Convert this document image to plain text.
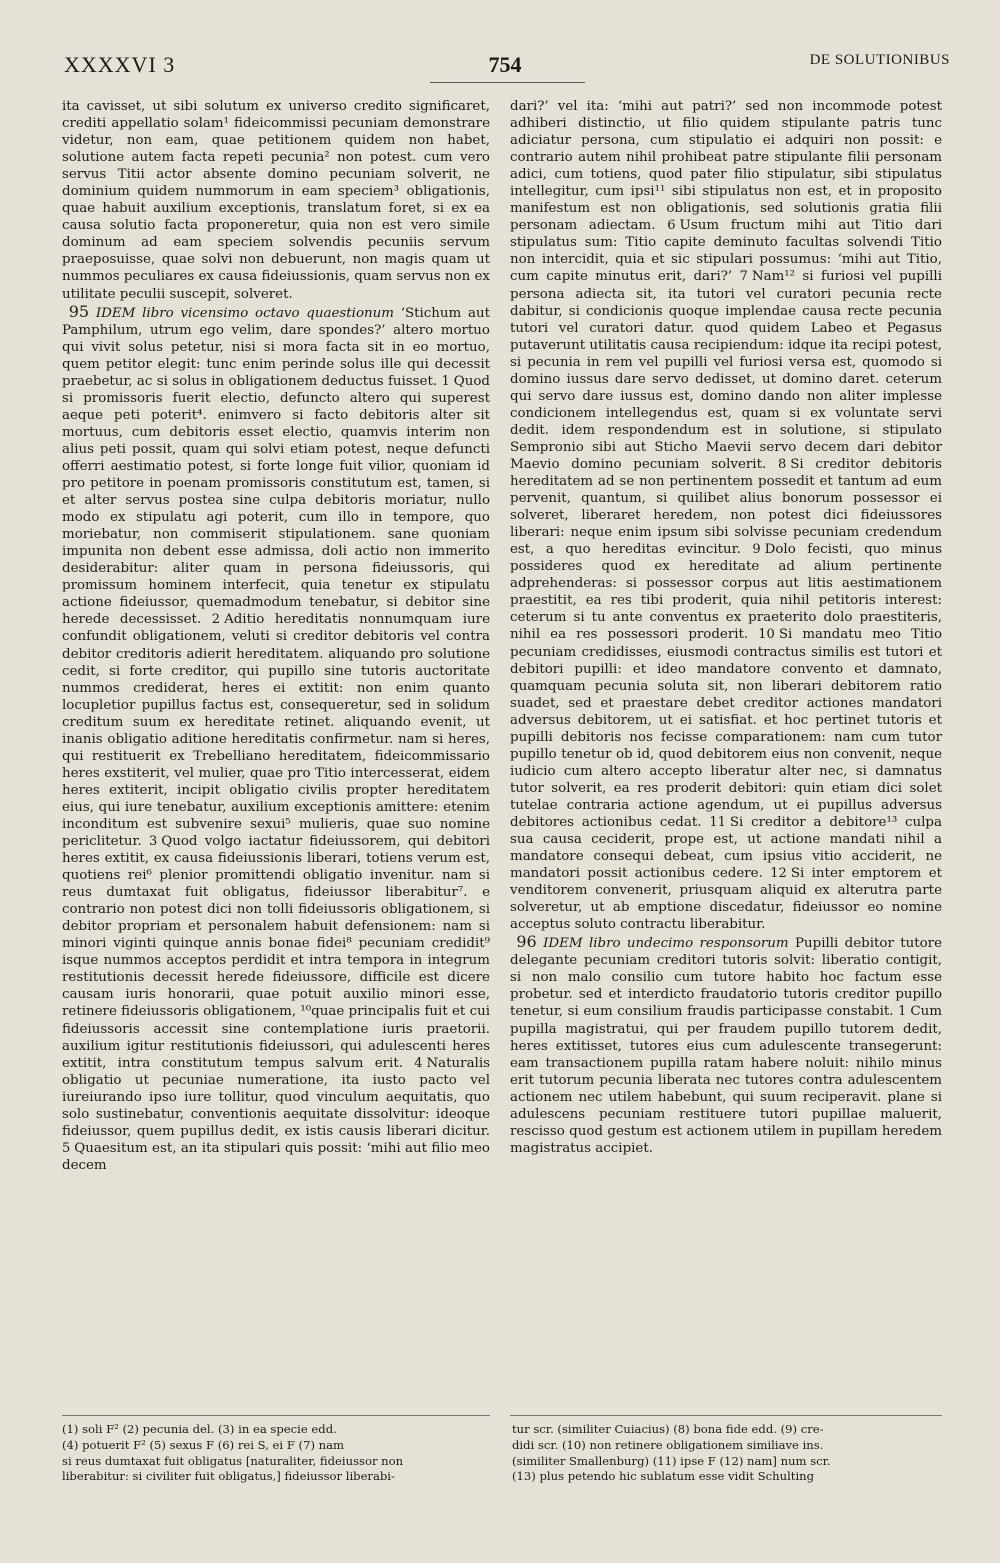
XXXXVI 3	754	DE SOLUTIONIBUS

ita cavisset, ut sibi solutum ex universo credito significaret, crediti appellatio solam¹ fideicommissi pecuniam demonstrare videtur, non eam, quae petitionem quidem non habet, solutione autem facta repeti pecunia² non potest. cum vero servus Titii actor absente domino pecuniam solverit, ne dominium quidem nummorum in eam speciem³ obligationis, quae habuit auxilium exceptionis, translatum foret, si ex ea causa solutio facta proponeretur, quia non est vero simile dominum ad eam speciem solvendis pecuniis servum praeposuisse, quae solvi non debuerunt, non magis quam ut nummos peculiares ex causa fideiussionis, quam servus non ex utilitate peculii suscepit, solveret.

95 IDEM libro vicensimo octavo quaestionum ‘Stichum aut Pamphilum, utrum ego velim, dare spondes?’ altero mortuo qui vivit solus petetur, nisi si mora facta sit in eo mortuo, quem petitor elegit: tunc enim perinde solus ille qui decessit praebetur, ac si solus in obligationem deductus fuisset. 1 Quod si promissoris fuerit electio, defuncto altero qui superest aeque peti poterit⁴. enimvero si facto debitoris alter sit mortuus, cum debitoris esset electio, quamvis interim non alius peti possit, quam qui solvi etiam potest, neque defuncti offerri aestimatio potest, si forte longe fuit vilior, quoniam id pro petitore in poenam promissoris constitutum est, tamen, si et alter servus postea sine culpa debitoris moriatur, nullo modo ex stipulatu agi poterit, cum illo in tempore, quo moriebatur, non commiserit stipulationem. sane quoniam impunita non debent esse admissa, doli actio non immerito desiderabitur: aliter quam in persona fideiussoris, qui promissum hominem interfecit, quia tenetur ex stipulatu actione fideiussor, quemadmodum tenebatur, si debitor sine herede decessisset. 2 Aditio hereditatis nonnumquam iure confundit obligationem, veluti si creditor debitoris vel contra debitor creditoris adierit hereditatem. aliquando pro solutione cedit, si forte creditor, qui pupillo sine tutoris auctoritate nummos crediderat, heres ei extitit: non enim quanto locupletior pupillus factus est, consequeretur, sed in solidum creditum suum ex hereditate retinet. aliquando evenit, ut inanis obligatio aditione hereditatis confirmetur. nam si heres, qui restituerit ex Trebelliano hereditatem, fideicommissario heres exstiterit, vel mulier, quae pro Titio intercesserat, eidem heres extiterit, incipit obligatio civilis propter hereditatem eius, qui iure tenebatur, auxilium exceptionis amittere: etenim inconditum est subvenire sexui⁵ mulieris, quae suo nomine periclitetur. 3 Quod volgo iactatur fideiussorem, qui debitori heres extitit, ex causa fideiussionis liberari, totiens verum est, quotiens rei⁶ plenior promittendi obligatio invenitur. nam si reus dumtaxat fuit obligatus, fideiussor liberabitur⁷. e contrario non potest dici non tolli fideiussoris obligationem, si debitor propriam et personalem habuit defensionem: nam si minori viginti quinque annis bonae fidei⁸ pecuniam credidit⁹ isque nummos acceptos perdidit et intra tempora in integrum restitutionis decessit herede fideiussore, difficile est dicere causam iuris honorarii, quae potuit auxilio minori esse, retinere fideiussoris obligationem, ¹⁰quae principalis fuit et cui fideiussoris accessit sine contemplatione iuris praetorii. auxilium igitur restitutionis fideiussori, qui adulescenti heres extitit, intra constitutum tempus salvum erit. 4 Naturalis obligatio ut pecuniae numeratione, ita iusto pacto vel iureiurando ipso iure tollitur, quod vinculum aequitatis, quo solo sustinebatur, conventionis aequitate dissolvitur: ideoque fideiussor, quem pupillus dedit, ex istis causis liberari dicitur. 5 Quaesitum est, an ita stipulari quis possit: ‘mihi aut filio meo decem

dari?’ vel ita: ‘mihi aut patri?’ sed non incommode potest adhiberi distinctio, ut filio quidem stipulante patris tunc adiciatur persona, cum stipulatio ei adquiri non possit: e contrario autem nihil prohibeat patre stipulante filii personam adici, cum totiens, quod pater filio stipulatur, sibi stipulatus intellegitur, cum ipsi¹¹ sibi stipulatus non est, et in proposito manifestum est non obligationis, sed solutionis gratia filii personam adiectam. 6 Usum fructum mihi aut Titio dari stipulatus sum: Titio capite deminuto facultas solvendi Titio non intercidit, quia et sic stipulari possumus: ‘mihi aut Titio, cum capite minutus erit, dari?’ 7 Nam¹² si furiosi vel pupilli persona adiecta sit, ita tutori vel curatori pecunia recte dabitur, si condicionis quoque implendae causa recte pecunia tutori vel curatori datur. quod quidem Labeo et Pegasus putaverunt utilitatis causa recipiendum: idque ita recipi potest, si pecunia in rem vel pupilli vel furiosi versa est, quomodo si domino iussus dare servo dedisset, ut domino daret. ceterum qui servo dare iussus est, domino dando non aliter implesse condicionem intellegendus est, quam si ex voluntate servi dedit. idem respondendum est in solutione, si stipulato Sempronio sibi aut Sticho Maevii servo decem dari debitor Maevio domino pecuniam solverit. 8 Si creditor debitoris hereditatem ad se non pertinentem possedit et tantum ad eum pervenit, quantum, si quilibet alius bonorum possessor ei solveret, liberaret heredem, non potest dici fideiussores liberari: neque enim ipsum sibi solvisse pecuniam credendum est, a quo hereditas evincitur. 9 Dolo fecisti, quo minus possideres quod ex hereditate ad alium pertinente adprehenderas: si possessor corpus aut litis aestimationem praestitit, ea res tibi proderit, quia nihil petitoris interest: ceterum si tu ante conventus ex praeterito dolo praestiteris, nihil ea res possessori proderit. 10 Si mandatu meo Titio pecuniam credidisses, eiusmodi contractus similis est tutori et debitori pupilli: et ideo mandatore convento et damnato, quamquam pecunia soluta sit, non liberari debitorem ratio suadet, sed et praestare debet creditor actiones mandatori adversus debitorem, ut ei satisfiat. et hoc pertinet tutoris et pupilli debitoris nos fecisse comparationem: nam cum tutor pupillo tenetur ob id, quod debitorem eius non convenit, neque iudicio cum altero accepto liberatur alter nec, si damnatus tutor solverit, ea res proderit debitori: quin etiam dici solet tutelae contraria actione agendum, ut ei pupillus adversus debitores actionibus cedat. 11 Si creditor a debitore¹³ culpa sua causa ceciderit, prope est, ut actione mandati nihil a mandatore consequi debeat, cum ipsius vitio acciderit, ne mandatori possit actionibus cedere. 12 Si inter emptorem et venditorem convenerit, priusquam aliquid ex alterutra parte solveretur, ut ab emptione discedatur, fideiussor eo nomine acceptus soluto contractu liberabitur.

96 IDEM libro undecimo responsorum Pupilli debitor tutore delegante pecuniam creditori tutoris solvit: liberatio contigit, si non malo consilio cum tutore habito hoc factum esse probetur. sed et interdicto fraudatorio tutoris creditor pupillo tenetur, si eum consilium fraudis participasse constabit. 1 Cum pupilla magistratui, qui per fraudem pupillo tutorem dedit, heres extitisset, tutores eius cum adulescente transegerunt: eam transactionem pupilla ratam habere noluit: nihilo minus erit tutorum pecunia liberata nec tutores contra adulescentem actionem nec utilem habebunt, qui suum reciperavit. plane si adulescens pecuniam restituere tutori pupillae maluerit, rescisso quod gestum est actionem utilem in pupillam heredem magistratus accipiet.

(1) soli F² (2) pecunia del. (3) in ea specie edd.
(4) potuerit F² (5) sexus F (6) rei S, ei F (7) nam
si reus dumtaxat fuit obligatus [naturaliter, fideiussor non
liberabitur: si civiliter fuit obligatus,] fideiussor liberabi-
tur scr. (similiter Cuiacius) (8) bona fide edd. (9) cre-
didi scr. (10) non retinere obligationem similiave ins.
(similiter Smallenburg) (11) ipse F (12) nam] num scr.
(13) plus petendo hic sublatum esse vidit Schulting
